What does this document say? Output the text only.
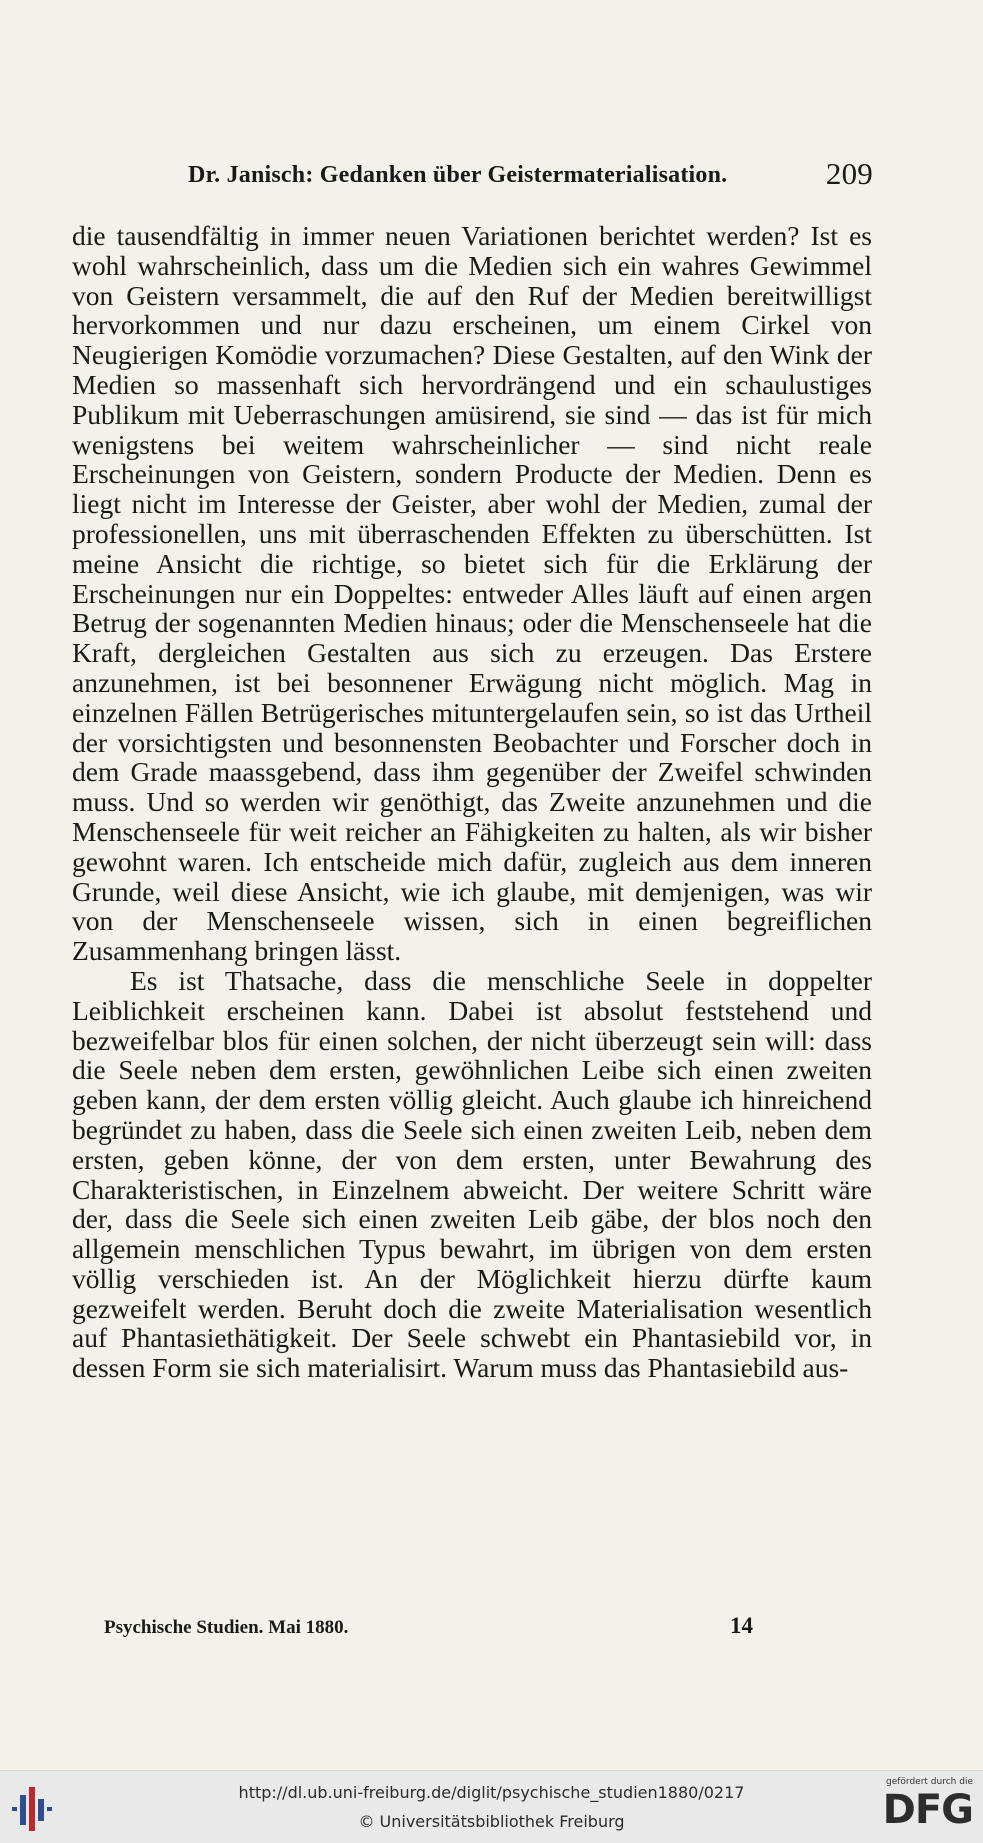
Dr. Janisch: Gedanken über Geistermaterialisation.	209

die tausendfältig in immer neuen Variationen berichtet werden? Ist es wohl wahrscheinlich, dass um die Medien sich ein wahres Gewimmel von Geistern versammelt, die auf den Ruf der Medien bereitwilligst hervorkommen und nur dazu erscheinen, um einem Cirkel von Neugierigen Komödie vorzumachen? Diese Gestalten, auf den Wink der Medien so massenhaft sich hervordrängend und ein schaulustiges Publikum mit Ueberraschungen amüsirend, sie sind — das ist für mich wenigstens bei weitem wahrscheinlicher — sind nicht reale Erscheinungen von Geistern, sondern Producte der Medien. Denn es liegt nicht im Interesse der Geister, aber wohl der Medien, zumal der professionellen, uns mit überraschenden Effekten zu überschütten. Ist meine Ansicht die richtige, so bietet sich für die Erklärung der Erscheinungen nur ein Doppeltes: entweder Alles läuft auf einen argen Betrug der sogenannten Medien hinaus; oder die Menschenseele hat die Kraft, dergleichen Gestalten aus sich zu erzeugen. Das Erstere anzunehmen, ist bei besonnener Erwägung nicht möglich. Mag in einzelnen Fällen Betrügerisches mituntergelaufen sein, so ist das Urtheil der vorsichtigsten und besonnensten Beobachter und Forscher doch in dem Grade maassgebend, dass ihm gegenüber der Zweifel schwinden muss. Und so werden wir genöthigt, das Zweite anzunehmen und die Menschenseele für weit reicher an Fähigkeiten zu halten, als wir bisher gewohnt waren. Ich entscheide mich dafür, zugleich aus dem inneren Grunde, weil diese Ansicht, wie ich glaube, mit demjenigen, was wir von der Menschenseele wissen, sich in einen begreiflichen Zusammenhang bringen lässt.

Es ist Thatsache, dass die menschliche Seele in doppelter Leiblichkeit erscheinen kann. Dabei ist absolut feststehend und bezweifelbar blos für einen solchen, der nicht überzeugt sein will: dass die Seele neben dem ersten, gewöhnlichen Leibe sich einen zweiten geben kann, der dem ersten völlig gleicht. Auch glaube ich hinreichend begründet zu haben, dass die Seele sich einen zweiten Leib, neben dem ersten, geben könne, der von dem ersten, unter Bewahrung des Charakteristischen, in Einzelnem abweicht. Der weitere Schritt wäre der, dass die Seele sich einen zweiten Leib gäbe, der blos noch den allgemein menschlichen Typus bewahrt, im übrigen von dem ersten völlig verschieden ist. An der Möglichkeit hierzu dürfte kaum gezweifelt werden. Beruht doch die zweite Materialisation wesentlich auf Phantasiethätigkeit. Der Seele schwebt ein Phantasiebild vor, in dessen Form sie sich materialisirt. Warum muss das Phantasiebild aus-

Psychische Studien. Mai 1880.	14
http://dl.ub.uni-freiburg.de/diglit/psychische_studien1880/0217
© Universitätsbibliothek Freiburg
gefördert durch die
DFG
